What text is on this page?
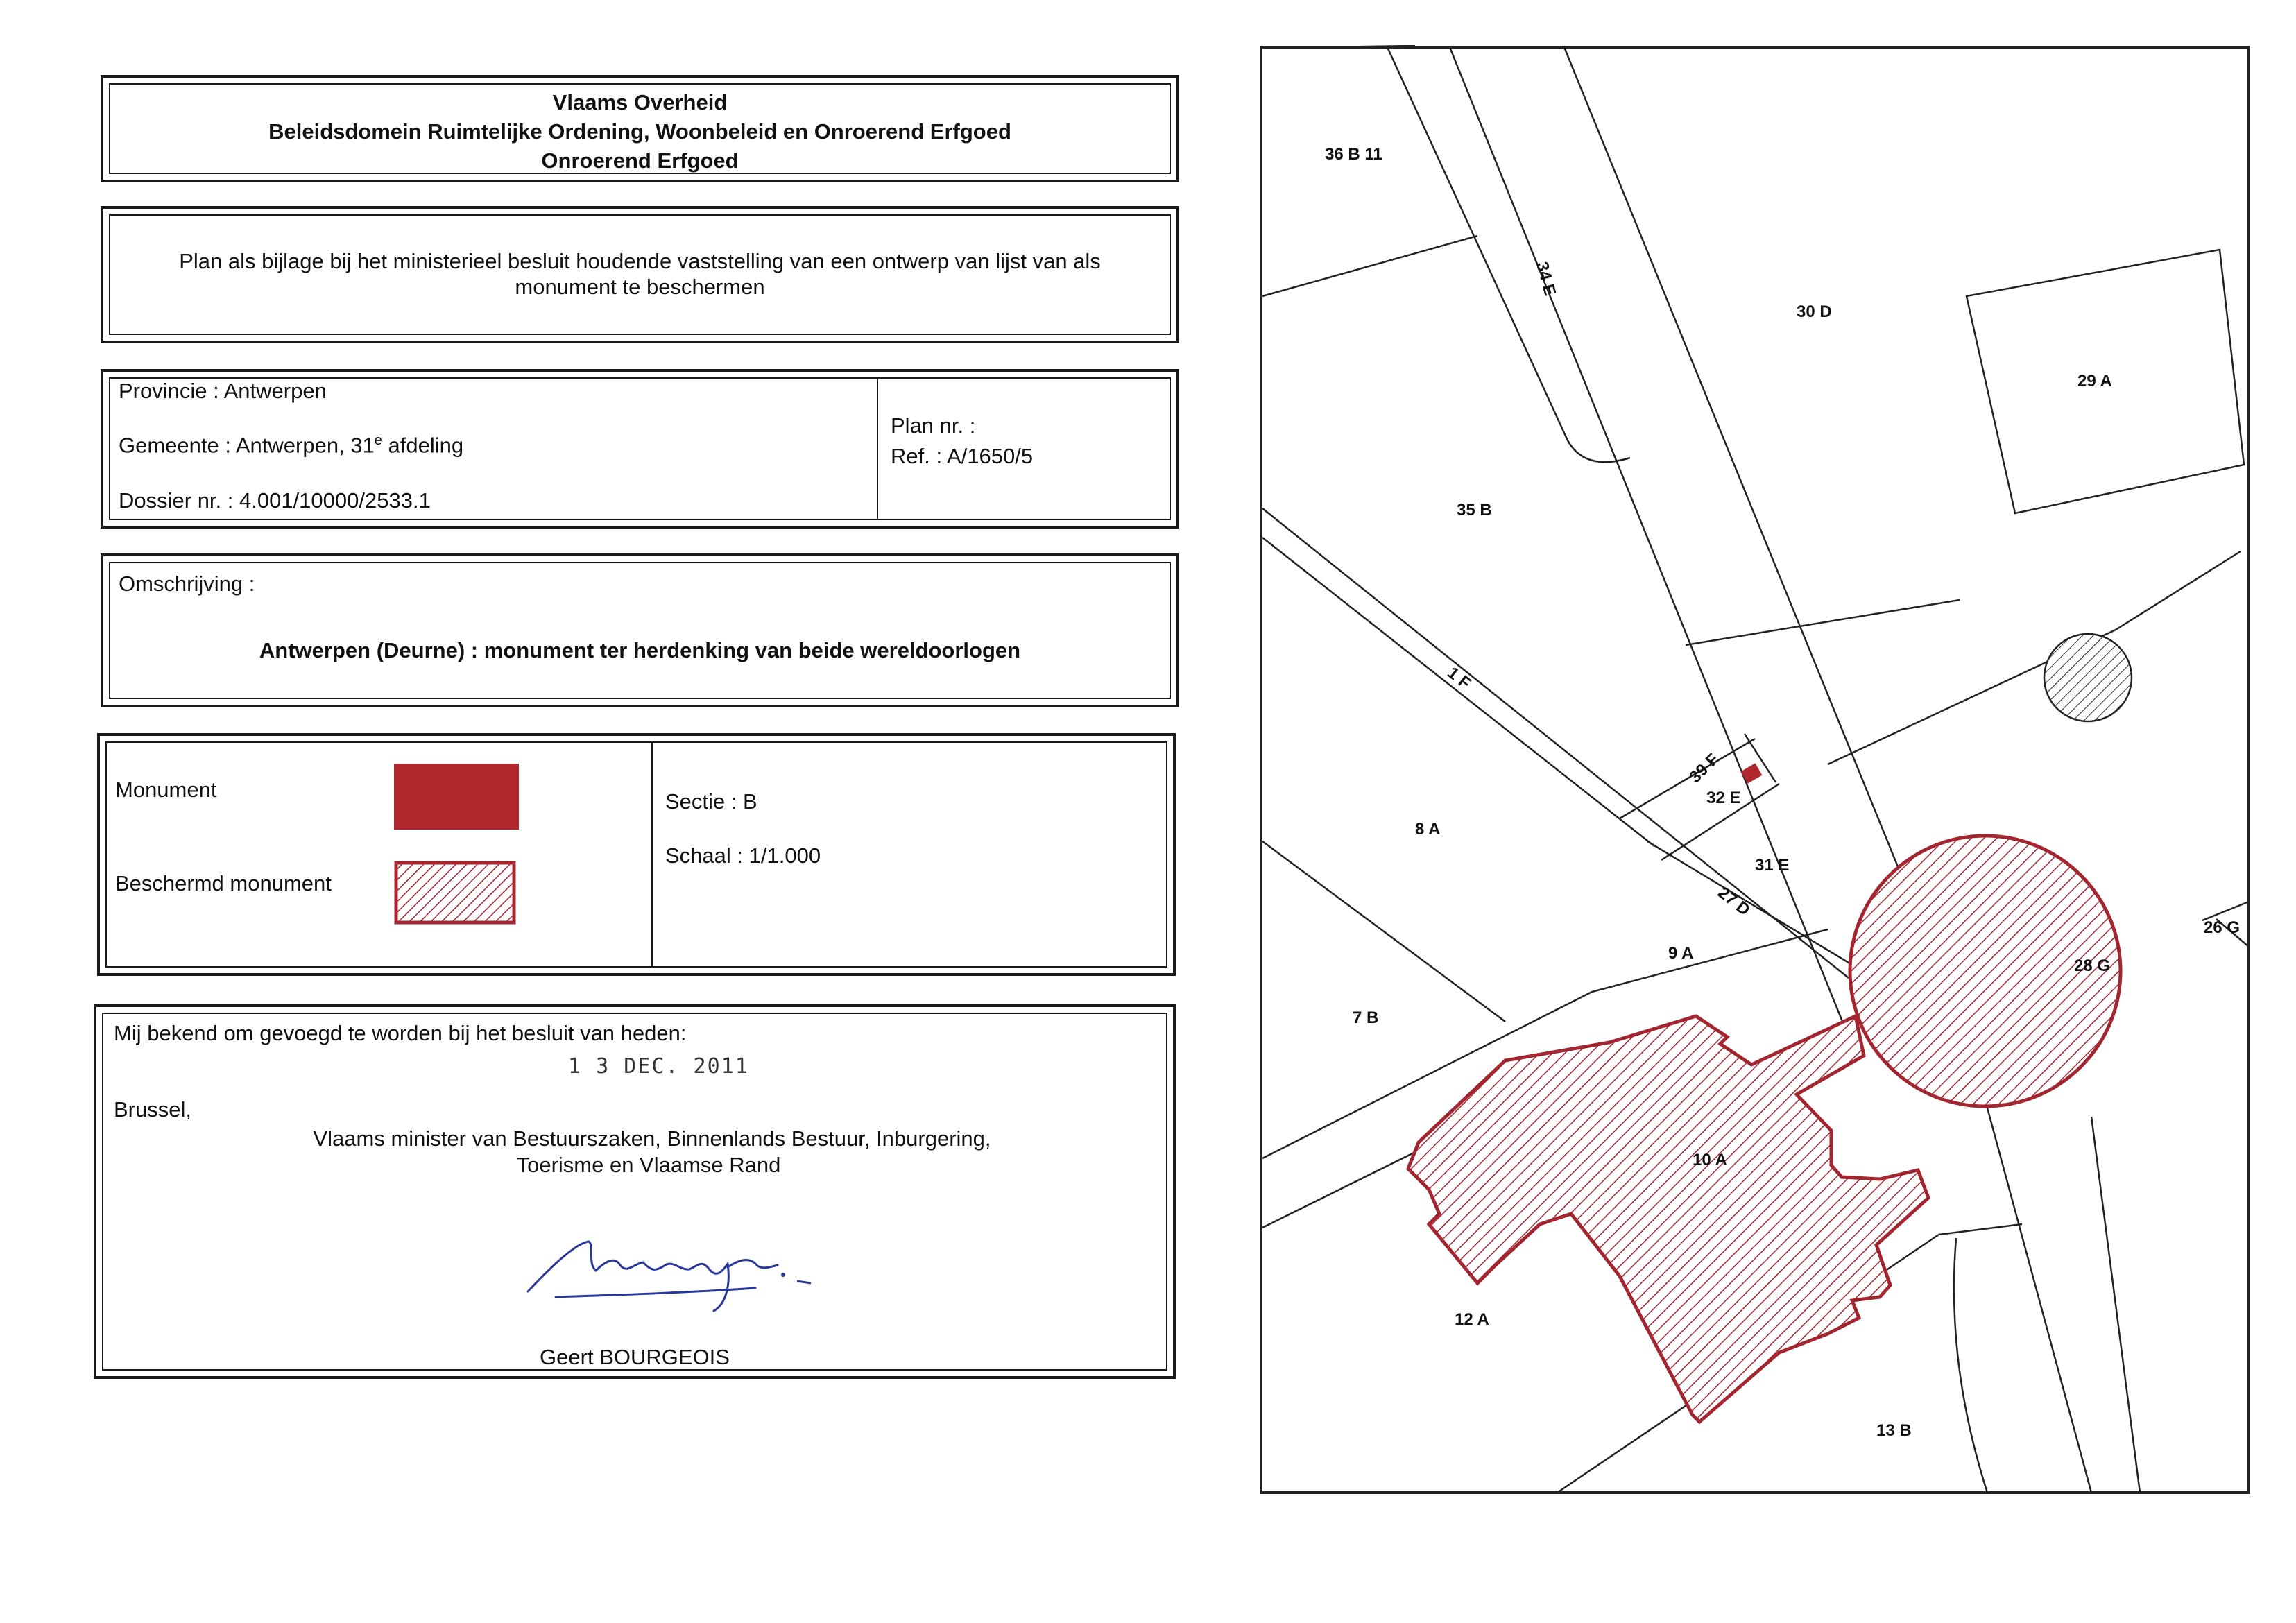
Vlaams Overheid
Beleidsdomein Ruimtelijke Ordening, Woonbeleid en Onroerend Erfgoed
Onroerend Erfgoed
Plan als bijlage bij het ministerieel besluit houdende vaststelling van een ontwerp van lijst van als
monument te beschermen
Provincie : Antwerpen
Gemeente : Antwerpen, 31e afdeling
Dossier nr. : 4.001/10000/2533.1
Plan nr. :
Ref. : A/1650/5
Omschrijving :
Antwerpen (Deurne) : monument ter herdenking van beide wereldoorlogen
Monument
Beschermd monument
Sectie : B
Schaal : 1/1.000
Mij bekend om gevoegd te worden bij het besluit van heden:
1 3 DEC. 2011
Brussel,
Vlaams minister van Bestuurszaken, Binnenlands Bestuur, Inburgering,
Toerisme en Vlaamse Rand
Geert BOURGEOIS
36 B 11
34 E
30 D
29 A
35 B
1 F
39 F
32 E
8 A
31 E
27 D
9 A
26 G
28 G
7 B
10 A
12 A
13 B
